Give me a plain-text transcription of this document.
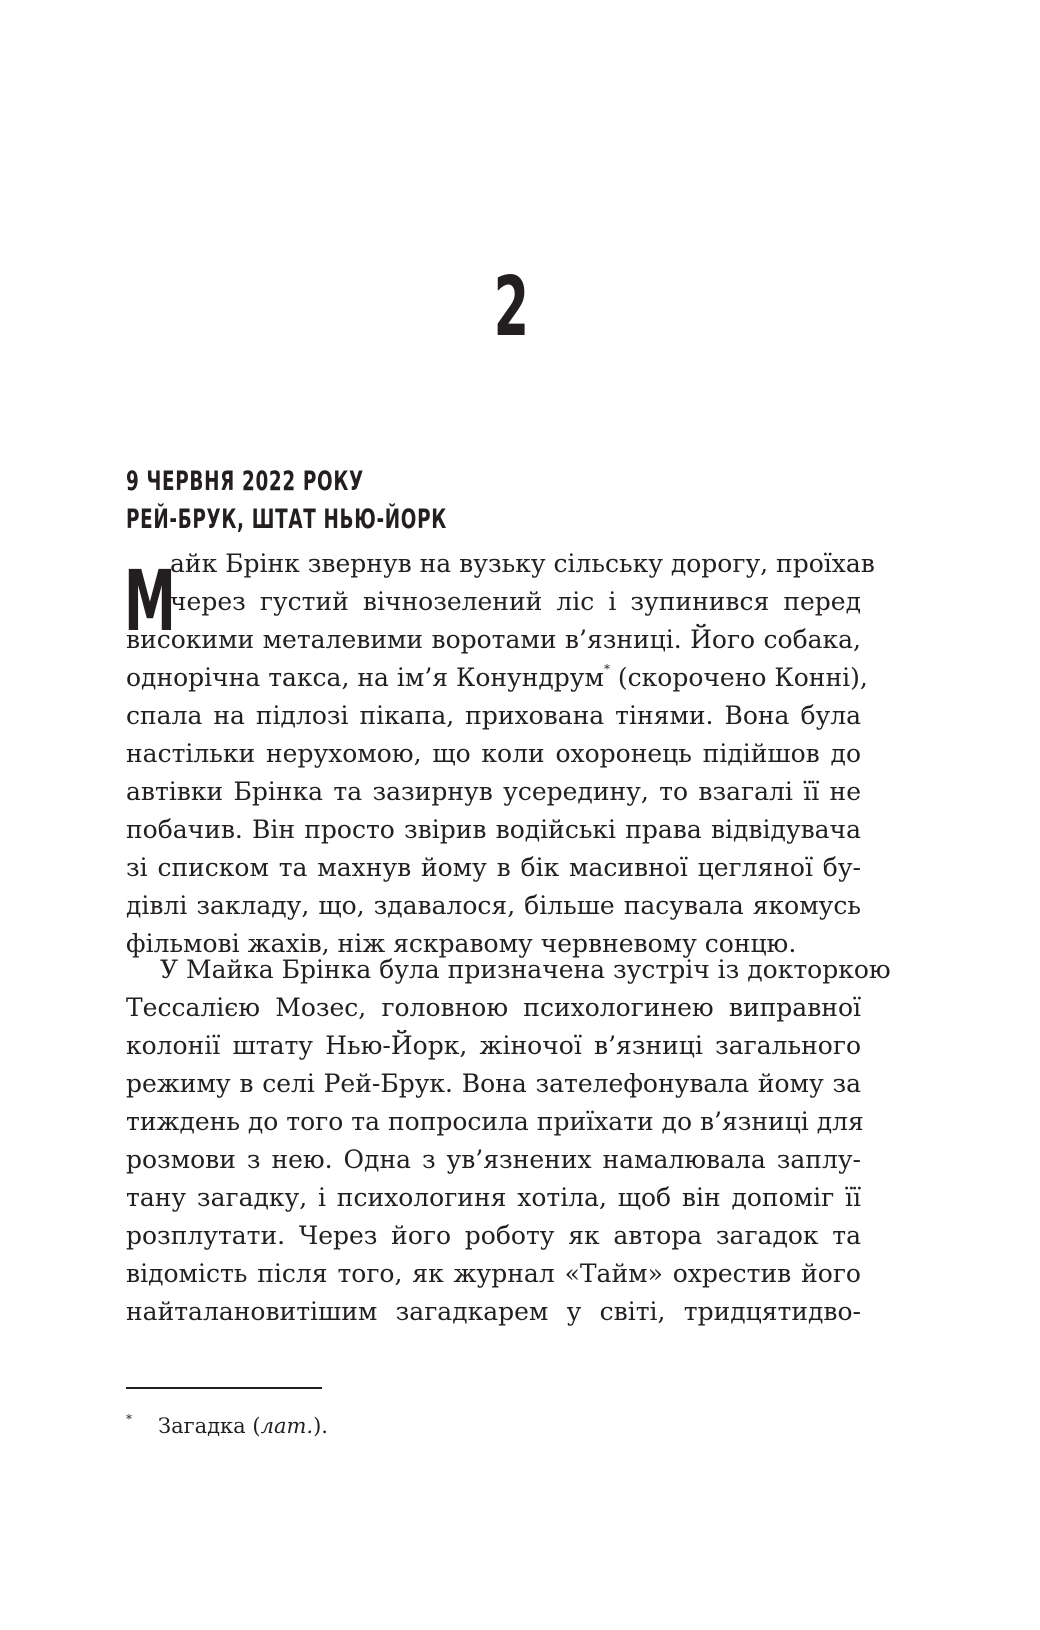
2
9 ЧЕРВНЯ 2022 РОКУ
РЕЙ-БРУК, ШТАТ НЬЮ-ЙОРК
М
айк Брінк звернув на вузьку сільську дорогу, проїхав
через густий вічнозелений ліс і зупинився перед
високими металевими воротами в’язниці. Його собака,
однорічна такса, на ім’я Конундрум* (скорочено Конні),
спала на підлозі пікапа, прихована тінями. Вона була
настільки нерухомою, що коли охоронець підійшов до
автівки Брінка та зазирнув усередину, то взагалі її не
побачив. Він просто звірив водійські права відвідувача
зі списком та махнув йому в бік масивної цегляної бу-
дівлі закладу, що, здавалося, більше пасувала якомусь
фільмові жахів, ніж яскравому червневому сонцю.
У Майка Брінка була призначена зустріч із докторкою
Тессалією Мозес, головною психологинею виправної
колонії штату Нью-Йорк, жіночої в’язниці загального
режиму в селі Рей-Брук. Вона зателефонувала йому за
тиждень до того та попросила приїхати до в’язниці для
розмови з нею. Одна з ув’язнених намалювала заплу-
тану загадку, і психологиня хотіла, щоб він допоміг її
розплутати. Через його роботу як автора загадок та
відомість після того, як журнал «Тайм» охрестив його
найталановитішим загадкарем у світі, тридцятидво-
* Загадка (лат.).
